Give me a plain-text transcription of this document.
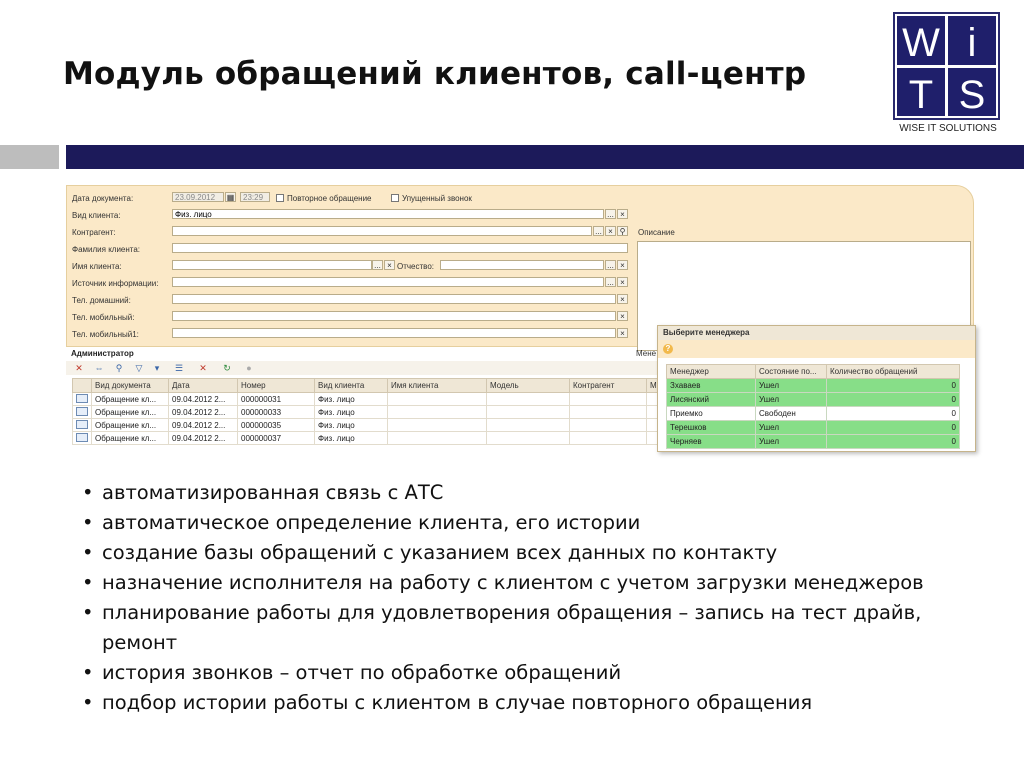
Модуль обращений клиентов, call-центр
W i
T S
WISE IT SOLUTIONS
Дата документа:	23.09.2012	▦	23:29	Повторное обращение	Упущенный звонок
Вид клиента:	Физ. лицо	... ×
Контрагент:	... × ⚲	Описание
Фамилия клиента:
Имя клиента:	... × Отчество:	... ×
Источник информации:	... ×
Тел. домашний:	×
Тел. мобильный:	×
Тел. мобильный1:	×
Администратор	Мене
✕ ⇔ ⚲ ▽	▾	☰ ✕ ↻ ●
	Вид документа	Дата	Номер	Вид клиента	Имя клиента	Модель	Контрагент	М
	Обращение кл...	09.04.2012 2...	000000031	Физ. лицо				
	Обращение кл...	09.04.2012 2...	000000033	Физ. лицо				
	Обращение кл...	09.04.2012 2...	000000035	Физ. лицо				
	Обращение кл...	09.04.2012 2...	000000037	Физ. лицо				
Выберите менеджера
?
Менеджер	Состояние по...	Количество обращений
Зхаваев	Ушел	0
Лисянский	Ушел	0
Приемко	Свободен	0
Терешков	Ушел	0
Черняев	Ушел	0
• автоматизированная связь с АТС
• автоматическое определение клиента, его истории
• создание базы обращений с указанием всех данных по контакту
• назначение исполнителя на работу с клиентом с учетом загрузки менеджеров
• планирование работы для удовлетворения обращения – запись на тест драйв, ремонт
• история звонков – отчет по обработке обращений
• подбор истории работы с клиентом в случае повторного обращения
